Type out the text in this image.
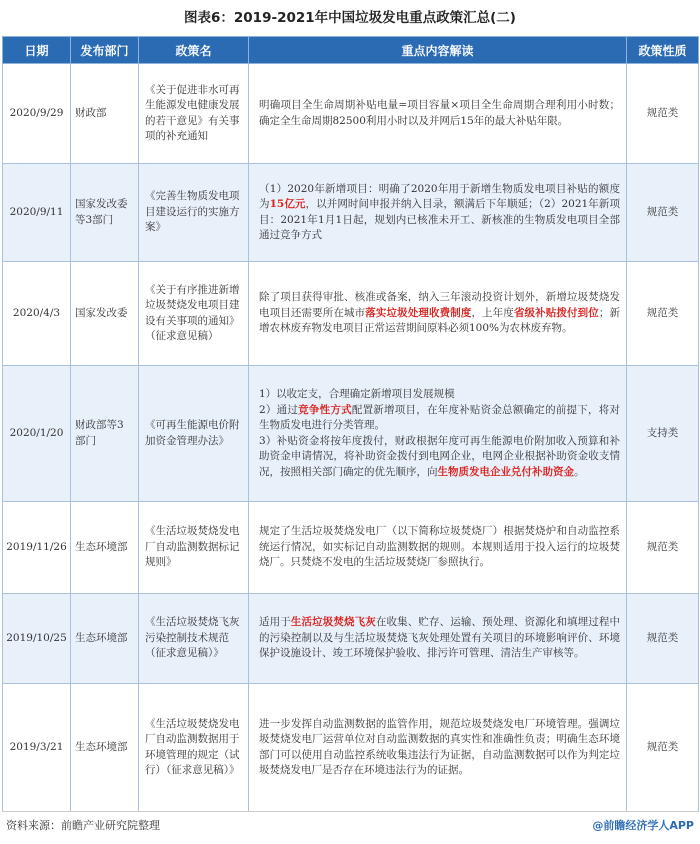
图表6：2019-2021年中国垃圾发电重点政策汇总(二)
日期	发布部门	政策名	重点内容解读	政策性质
2020/9/29	财政部	《关于促进非水可再生能源发电健康发展的若干意见》有关事项的补充通知	明确项目全生命周期补贴电量=项目容量×项目全生命周期合理利用小时数；确定全生命周期82500利用小时以及并网后15年的最大补贴年限。	规范类
2020/9/11	国家发改委等3部门	《完善生物质发电项目建设运行的实施方案》	（1）2020年新增项目：明确了2020年用于新增生物质发电项目补贴的额度为15亿元，以并网时间申报并纳入目录，额满后下年顺延；（2）2021年新项目：2021年1月1日起，规划内已核准未开工、新核准的生物质发电项目全部通过竞争方式	规范类
2020/4/3	国家发改委	《关于有序推进新增垃圾焚烧发电项目建设有关事项的通知》（征求意见稿）	除了项目获得审批、核准或备案，纳入三年滚动投资计划外，新增垃圾焚烧发电项目还需要所在城市落实垃圾处理收费制度，上年度省级补贴拨付到位；新增农林废弃物发电项目正常运营期间原料必须100%为农林废弃物。	规范类
2020/1/20	财政部等3部门	《可再生能源电价附加资金管理办法》	1）以收定支，合理确定新增项目发展规模
2）通过竞争性方式配置新增项目，在年度补贴资金总额确定的前提下，将对生物质发电进行分类管理。
3）补贴资金将按年度拨付，财政根据年度可再生能源电价附加收入预算和补助资金申请情况，将补助资金拨付到电网企业，电网企业根据补助资金收支情况，按照相关部门确定的优先顺序，向生物质发电企业兑付补助资金。	支持类
2019/11/26	生态环境部	《生活垃圾焚烧发电厂自动监测数据标记规则》	规定了生活垃圾焚烧发电厂（以下简称垃圾焚烧厂）根据焚烧炉和自动监控系统运行情况，如实标记自动监测数据的规则。本规则适用于投入运行的垃圾焚烧厂。只焚烧不发电的生活垃圾焚烧厂参照执行。	规范类
2019/10/25	生态环境部	《生活垃圾焚烧飞灰污染控制技术规范（征求意见稿）》	适用于生活垃圾焚烧飞灰在收集、贮存、运输、预处理、资源化和填埋过程中的污染控制以及与生活垃圾焚烧飞灰处理处置有关项目的环境影响评价、环境保护设施设计、竣工环境保护验收、排污许可管理、清洁生产审核等。	规范类
2019/3/21	生态环境部	《生活垃圾焚烧发电厂自动监测数据用于环境管理的规定（试行）（征求意见稿）》	进一步发挥自动监测数据的监管作用，规范垃圾焚烧发电厂环境管理。强调垃圾焚烧发电厂运营单位对自动监测数据的真实性和准确性负责；明确生态环境部门可以使用自动监控系统收集违法行为证据，自动监测数据可以作为判定垃圾焚烧发电厂是否存在环境违法行为的证据。	规范类
资料来源：前瞻产业研究院整理	@前瞻经济学人APP
